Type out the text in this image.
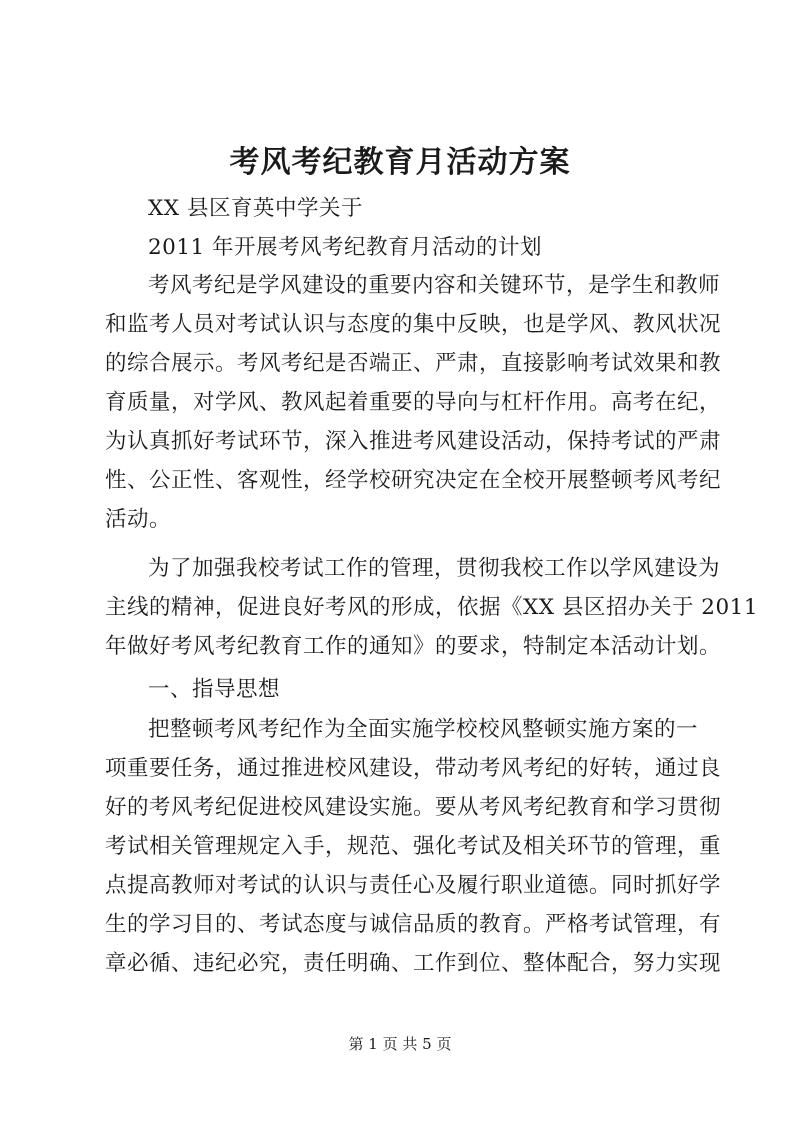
考风考纪教育月活动方案
XX 县区育英中学关于
2011 年开展考风考纪教育月活动的计划
考风考纪是学风建设的重要内容和关键环节，是学生和教师
和监考人员对考试认识与态度的集中反映，也是学风、教风状况
的综合展示。考风考纪是否端正、严肃，直接影响考试效果和教
育质量，对学风、教风起着重要的导向与杠杆作用。高考在纪，
为认真抓好考试环节，深入推进考风建设活动，保持考试的严肃
性、公正性、客观性，经学校研究决定在全校开展整顿考风考纪
活动。
为了加强我校考试工作的管理，贯彻我校工作以学风建设为
主线的精神，促进良好考风的形成，依据《XX 县区招办关于 2011
年做好考风考纪教育工作的通知》的要求，特制定本活动计划。
一、指导思想
把整顿考风考纪作为全面实施学校校风整顿实施方案的一
项重要任务，通过推进校风建设，带动考风考纪的好转，通过良
好的考风考纪促进校风建设实施。要从考风考纪教育和学习贯彻
考试相关管理规定入手，规范、强化考试及相关环节的管理，重
点提高教师对考试的认识与责任心及履行职业道德。同时抓好学
生的学习目的、考试态度与诚信品质的教育。严格考试管理，有
章必循、违纪必究，责任明确、工作到位、整体配合，努力实现
第 1 页 共 5 页
